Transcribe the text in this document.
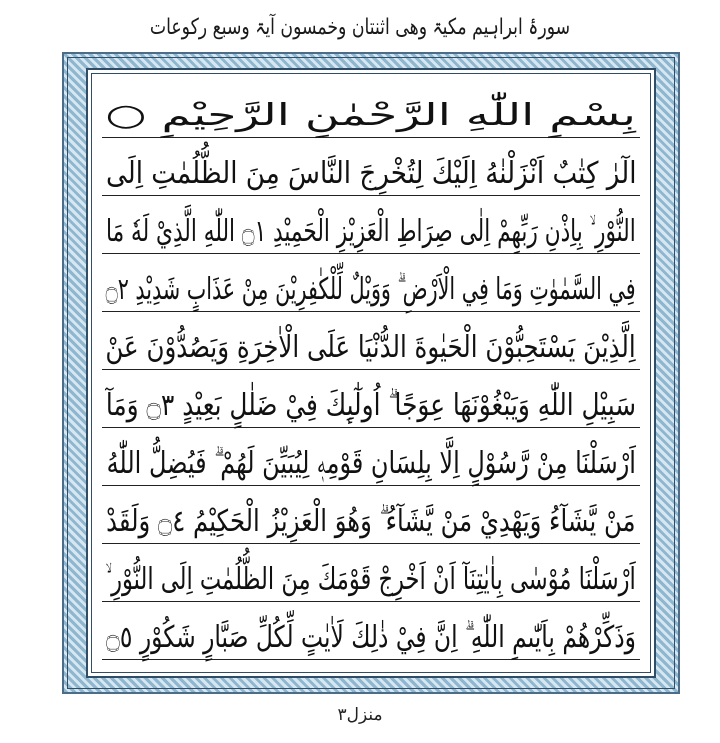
سورۂ ابراہیم مکیۃ وھی اثنتان وخمسون آیۃ وسبع رکوعات
بِسْمِ اللّٰهِ الرَّحْمٰنِ الرَّحِيْمِ ○
الٓرٰ كِتٰبٌ اَنْزَلْنٰهُ اِلَيْكَ لِتُخْرِجَ النَّاسَ مِنَ الظُّلُمٰتِ اِلَى
النُّوْرِ ۙ بِاِذْنِ رَبِّهِمْ اِلٰى صِرَاطِ الْعَزِيْزِ الْحَمِيْدِ ۝١ اللّٰهِ الَّذِيْ لَهٗ مَا
فِي السَّمٰوٰتِ وَمَا فِي الْاَرْضِ ۗ وَوَيْلٌ لِّلْكٰفِرِيْنَ مِنْ عَذَابٍ شَدِيْدِ ۝٢
اِلَّذِيْنَ يَسْتَحِبُّوْنَ الْحَيٰوةَ الدُّنْيَا عَلَى الْاٰخِرَةِ وَيَصُدُّوْنَ عَنْ
سَبِيْلِ اللّٰهِ وَيَبْغُوْنَهَا عِوَجًا ۗ اُولٰٓىِٕكَ فِيْ ضَلٰلٍ بَعِيْدٍ ۝٣ وَمَآ
اَرْسَلْنَا مِنْ رَّسُوْلٍ اِلَّا بِلِسَانِ قَوْمِهٖ لِيُبَيِّنَ لَهُمْ ۗ فَيُضِلُّ اللّٰهُ
مَنْ يَّشَآءُ وَيَهْدِيْ مَنْ يَّشَآءُ ۗ وَهُوَ الْعَزِيْزُ الْحَكِيْمُ ۝٤ وَلَقَدْ
اَرْسَلْنَا مُوْسٰى بِاٰيٰتِنَآ اَنْ اَخْرِجْ قَوْمَكَ مِنَ الظُّلُمٰتِ اِلَى النُّوْرِ ۙ
وَذَكِّرْهُمْ بِاَيّٰىمِ اللّٰهِ ۗ اِنَّ فِيْ ذٰلِكَ لَاٰيٰتٍ لِّكُلِّ صَبَّارٍ شَكُوْرٍ ۝٥
منزل٣
